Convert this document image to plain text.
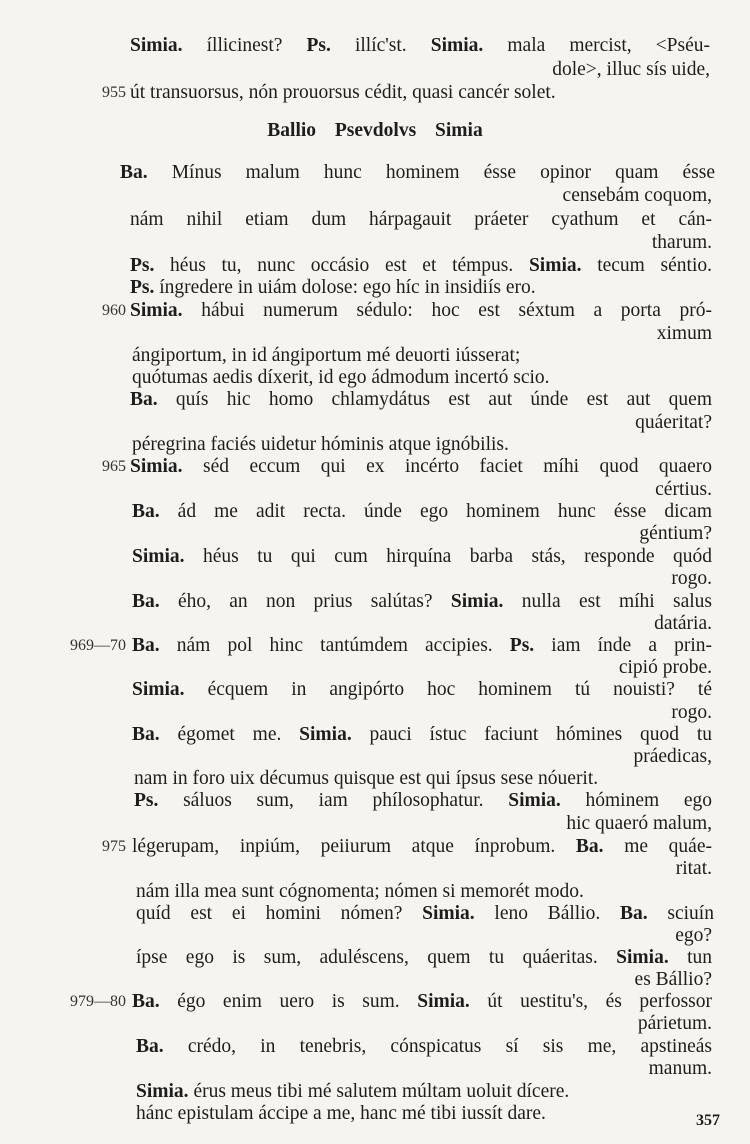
Ballio Psevdolvs Simia
Simia. íllicinest? Ps. illíc'st. Simia. mala mercist, <Pséu-
dole>, illuc sís uide,
955 út transuorsus, nón prouorsus cédit, quasi cancér solet.
Ba. Mínus malum hunc hominem ésse opinor quam ésse
censebám coquom,
nám nihil etiam dum hárpagauit práeter cyathum et cán-
tharum.
Ps. héus tu, nunc occásio est et témpus. Simia. tecum séntio.
Ps. íngredere in uiám dolose: ego híc in insidiís ero.
960 Simia. hábui numerum sédulo: hoc est séxtum a porta pró-
ximum
ángiportum, in id ángiportum mé deuorti iússerat;
quótumas aedis díxerit, id ego ádmodum incertó scio.
Ba. quís hic homo chlamydátus est aut únde est aut quem
quáeritat?
péregrina faciés uidetur hóminis atque ignóbilis.
965 Simia. séd eccum qui ex incérto faciet míhi quod quaero
cértius.
Ba. ád me adit recta. únde ego hominem hunc ésse dicam
géntium?
Simia. héus tu qui cum hirquína barba stás, responde quód
rogo.
Ba. ého, an non prius salútas? Simia. nulla est míhi salus
datária.
969—70 Ba. nám pol hinc tantúmdem accipies. Ps. iam índe a prin-
cipió probe.
Simia. écquem in angipórto hoc hominem tú nouisti? té
rogo.
Ba. égomet me. Simia. pauci ístuc faciunt hómines quod tu
práedicas,
nam in foro uix décumus quisque est qui ípsus sese nóuerit.
Ps. sáluos sum, iam phílosophatur. Simia. hóminem ego
hic quaeró malum,
975 légerupam, inpiúm, peiiurum atque ínprobum. Ba. me quáe-
ritat.
nám illa mea sunt cógnomenta; nómen si memorét modo.
quíd est ei homini nómen? Simia. leno Bállio. Ba. sciuín
ego?
ípse ego is sum, aduléscens, quem tu quáeritas. Simia. tun
es Bállio?
979—80 Ba. égo enim uero is sum. Simia. út uestitu's, és perfossor
párietum.
Ba. crédo, in tenebris, cónspicatus sí sis me, apstineás
manum.
Simia. érus meus tibi mé salutem múltam uoluit dícere.
hánc epistulam áccipe a me, hanc mé tibi iussít dare.	357
